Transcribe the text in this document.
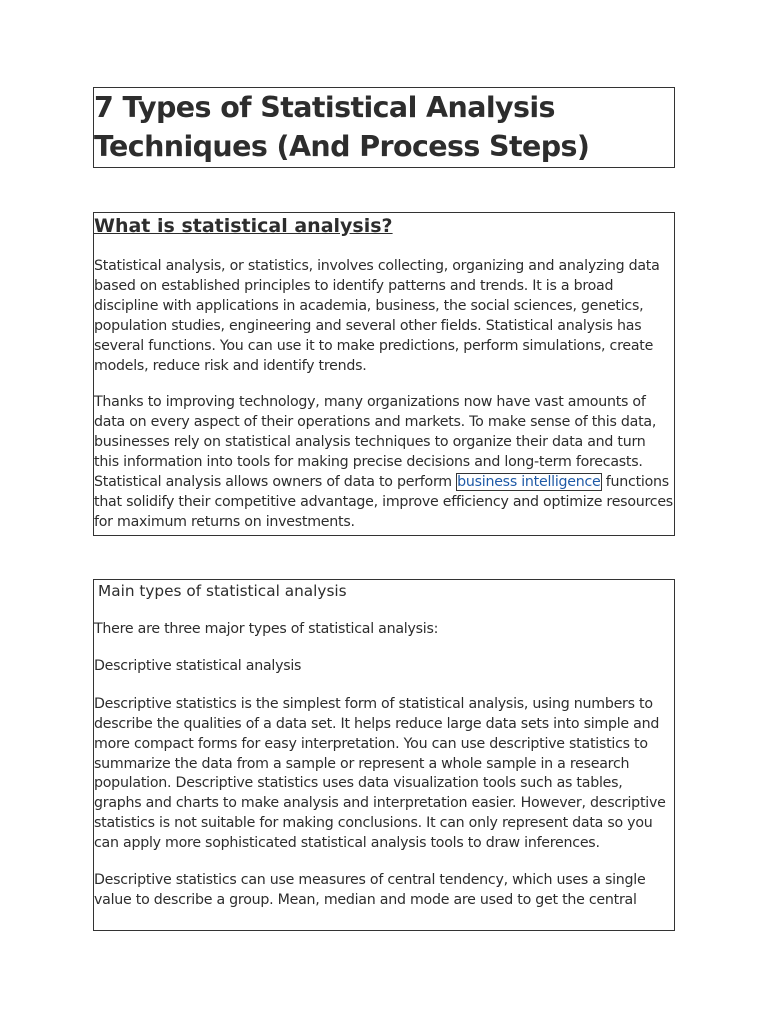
7 Types of Statistical Analysis Techniques (And Process Steps)
What is statistical analysis?

Statistical analysis, or statistics, involves collecting, organizing and analyzing data based on established principles to identify patterns and trends. It is a broad discipline with applications in academia, business, the social sciences, genetics, population studies, engineering and several other fields. Statistical analysis has several functions. You can use it to make predictions, perform simulations, create models, reduce risk and identify trends.

Thanks to improving technology, many organizations now have vast amounts of data on every aspect of their operations and markets. To make sense of this data, businesses rely on statistical analysis techniques to organize their data and turn this information into tools for making precise decisions and long-term forecasts. Statistical analysis allows owners of data to perform business intelligence functions that solidify their competitive advantage, improve efficiency and optimize resources for maximum returns on investments.

Main types of statistical analysis

There are three major types of statistical analysis:

Descriptive statistical analysis

Descriptive statistics is the simplest form of statistical analysis, using numbers to describe the qualities of a data set. It helps reduce large data sets into simple and more compact forms for easy interpretation. You can use descriptive statistics to summarize the data from a sample or represent a whole sample in a research population. Descriptive statistics uses data visualization tools such as tables, graphs and charts to make analysis and interpretation easier. However, descriptive statistics is not suitable for making conclusions. It can only represent data so you can apply more sophisticated statistical analysis tools to draw inferences.

Descriptive statistics can use measures of central tendency, which uses a single value to describe a group. Mean, median and mode are used to get the central
